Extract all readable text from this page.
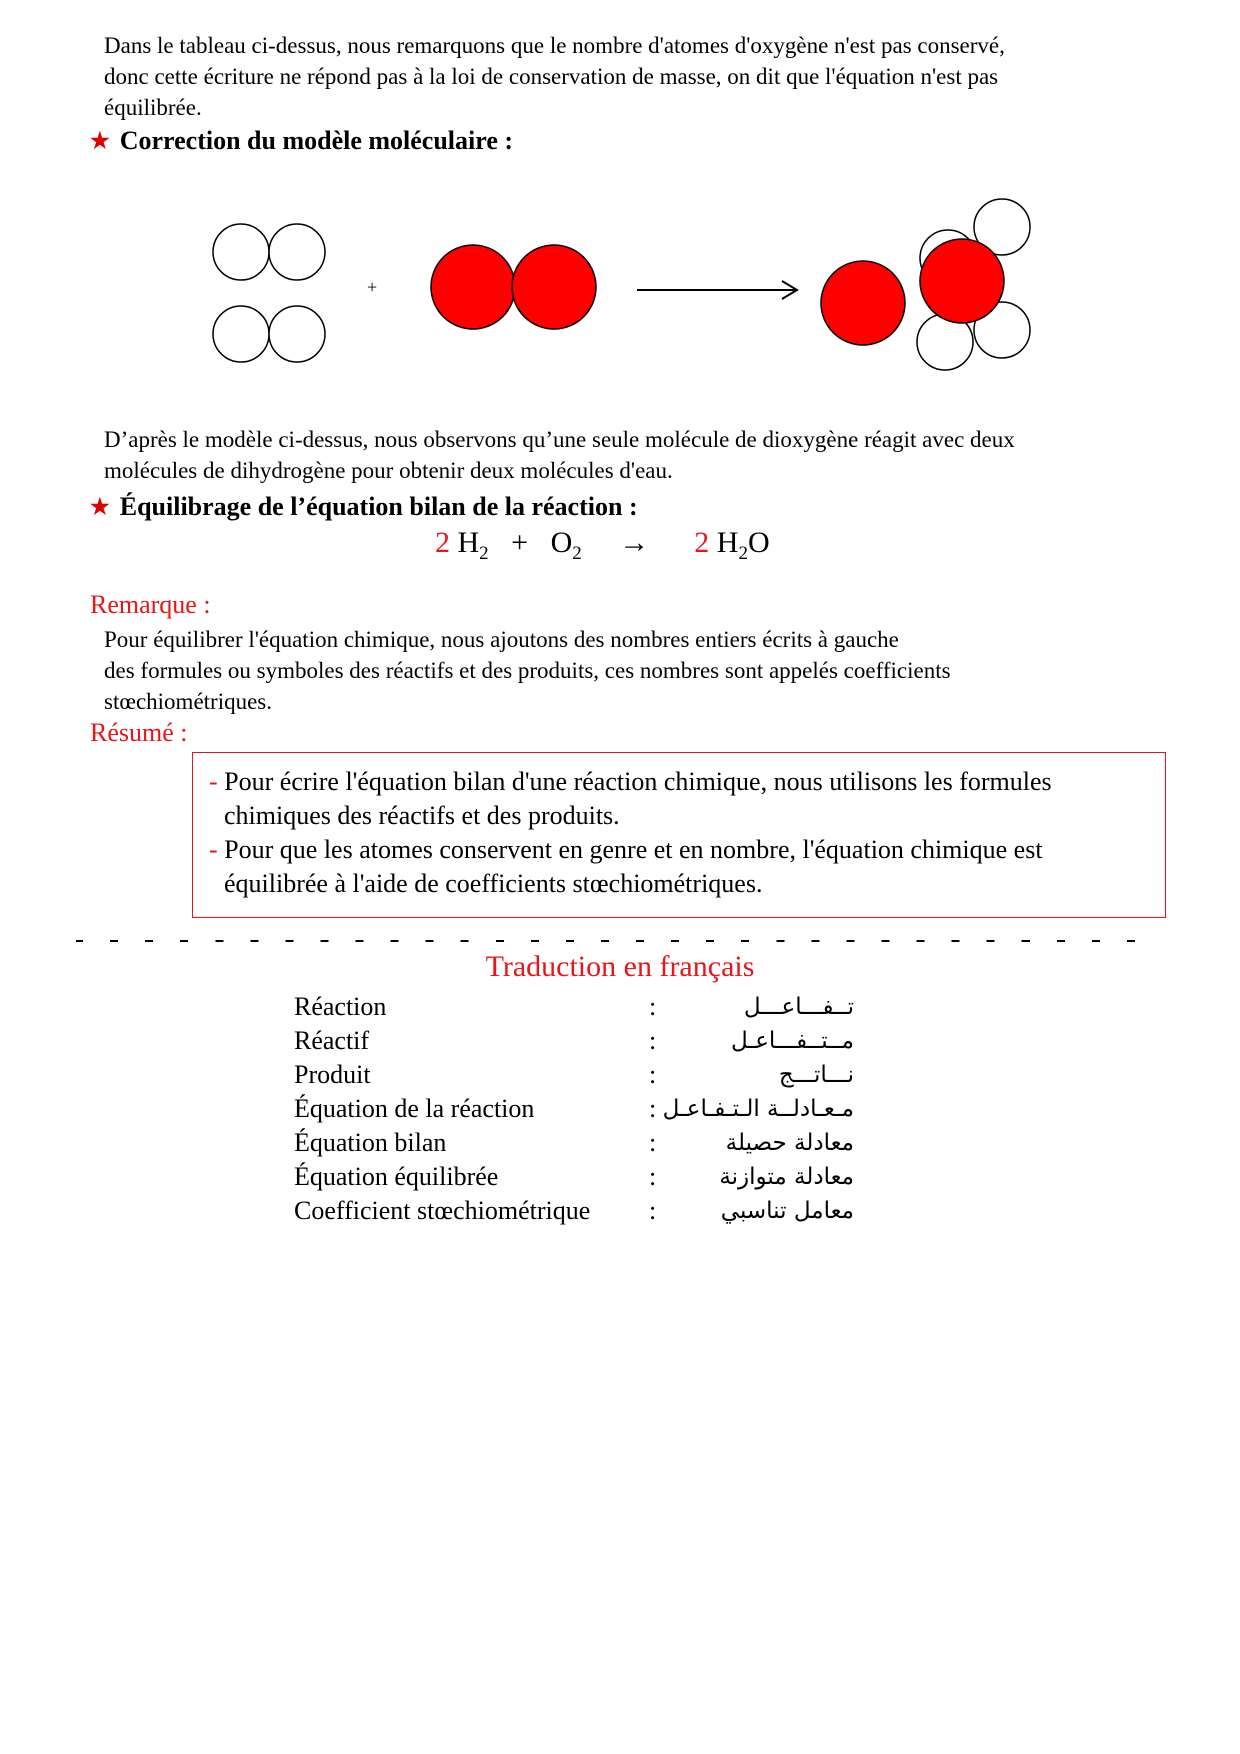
Dans le tableau ci-dessus, nous remarquons que le nombre d'atomes d'oxygène n'est pas conservé,

donc cette écriture ne répond pas à la loi de conservation de masse, on dit que l'équation n'est pas

équilibrée.

★ Correction du modèle moléculaire :
+

D’après le modèle ci-dessus, nous observons qu’une seule molécule de dioxygène réagit avec deux

molécules de dihydrogène pour obtenir deux molécules d'eau.

★ Équilibrage de l’équation bilan de la réaction :
2 $H_2 + O_2 \to 2$ $H_2O$
Remarque :

Pour équilibrer l'équation chimique, nous ajoutons des nombres entiers écrits à gauche

des formules ou symboles des réactifs et des produits, ces nombres sont appelés coefficients

stœchiométriques.

Résumé :

- Pour écrire l'équation bilan d'une réaction chimique, nous utilisons les formules

chimiques des réactifs et des produits.

- Pour que les atomes conservent en genre et en nombre, l'équation chimique est

équilibrée à l'aide de coefficients stœchiométriques.

Traduction en français
Réaction	:	تــفـــاعـــل
Réactif	:	مــتــفـــاعـل
Produit	:	نـــاتـــج
Équation de la réaction	: مـعـادلــة الـتـفـاعـل
Équation bilan	:	معادلة حصيلة
Équation équilibrée	:	معادلة متوازنة
Coefficient stœchiométrique :	معامل تناسبي
